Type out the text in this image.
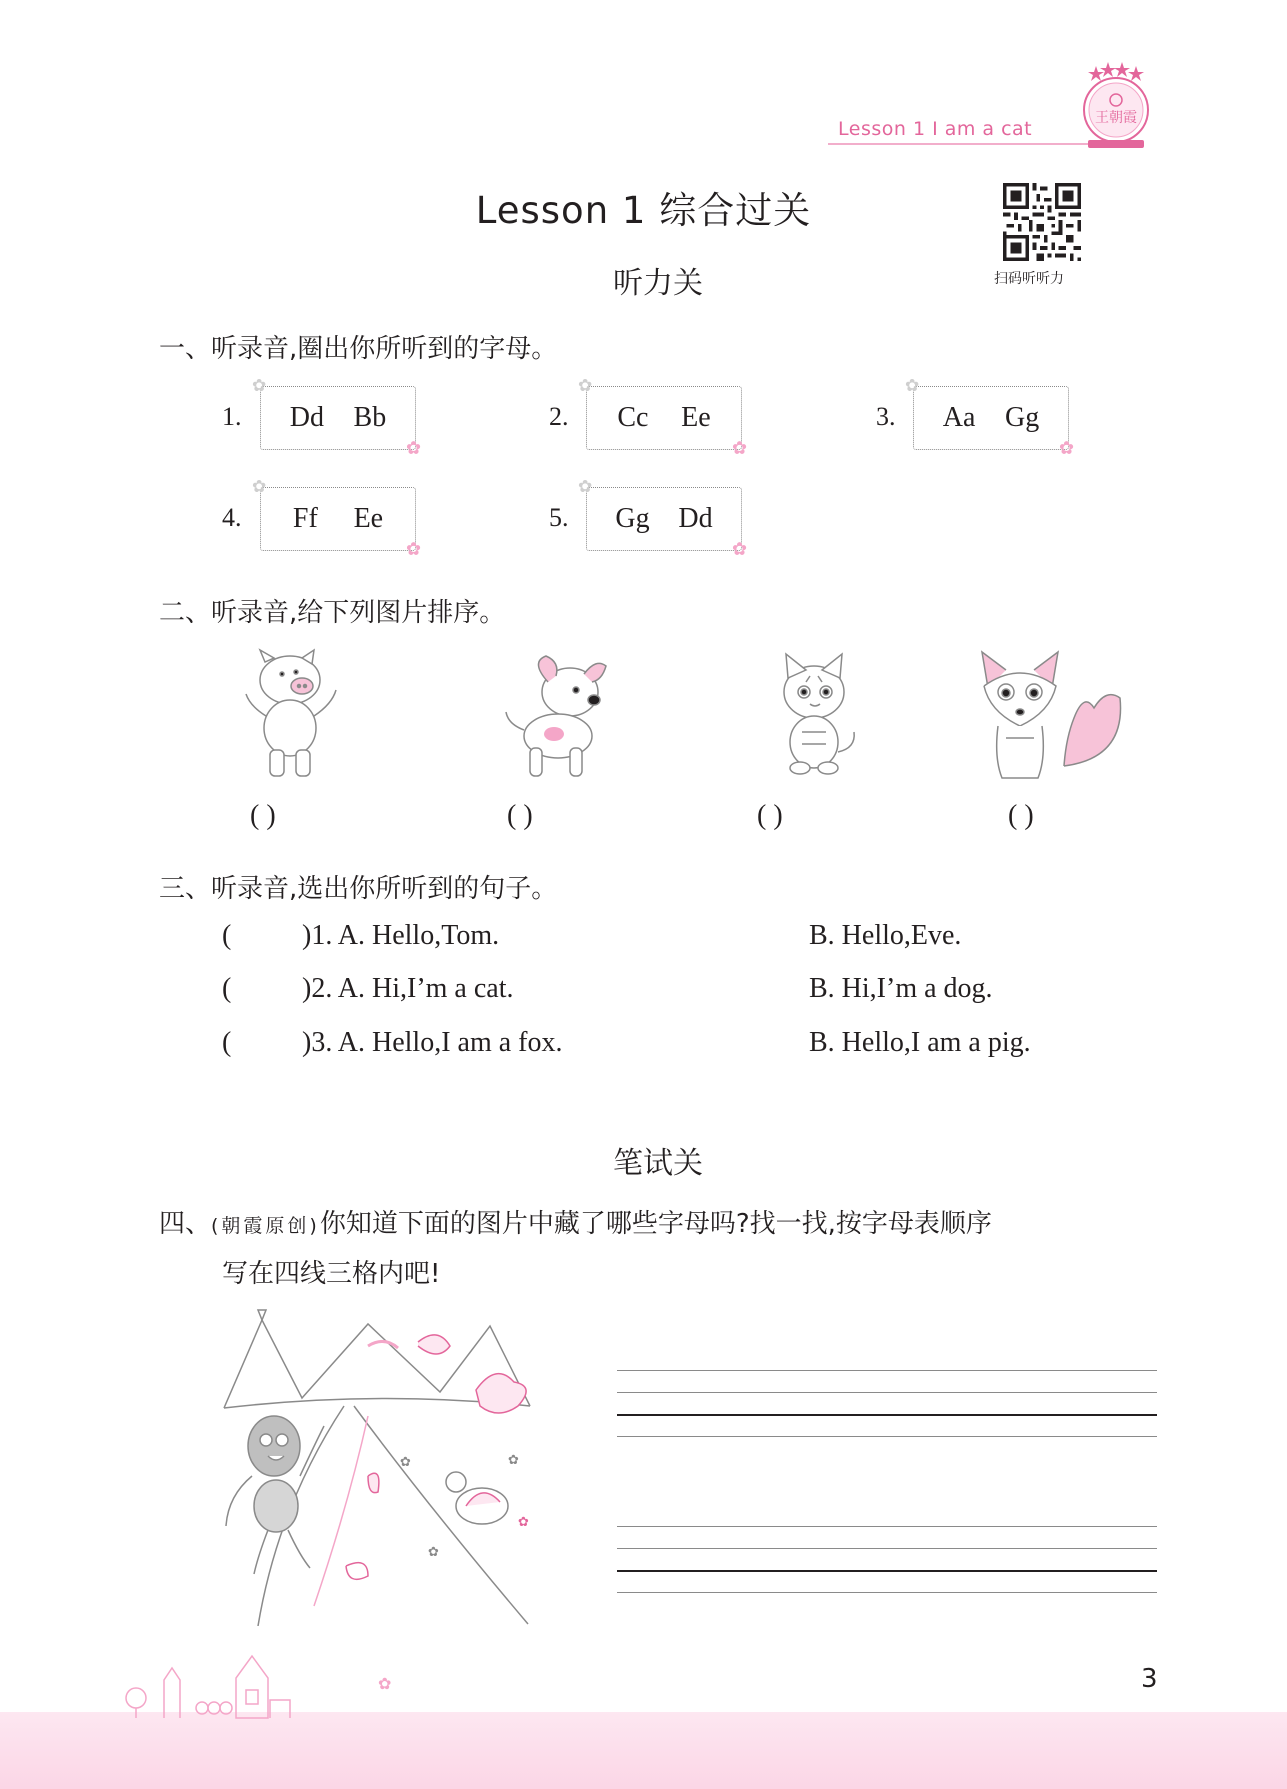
Lesson 1 I am a cat	王朝霞
Lesson 1 综合过关
扫码听听力
听力关
一、听录音,圈出你所听到的字母。
1. Dd Bb
✿
✿
2. Cc Ee
✿
✿
3. Aa Gg
✿
✿
4. Ff Ee
✿
✿
5. Gg Dd
✿
✿
二、听录音,给下列图片排序。
( )	( )	( )	( )
三、听录音,选出你所听到的句子。
(	)1. A. Hello,Tom.	B. Hello,Eve.
(	)2. A. Hi,I’m a cat.	B. Hi,I’m a dog.
(	)3. A. Hello,I am a fox.	B. Hello,I am a pig.
笔试关
四、(朝霞原创)你知道下面的图片中藏了哪些字母吗?找一找,按字母表顺序
写在四线三格内吧!
✿	✿
✿
✿
✿	3
